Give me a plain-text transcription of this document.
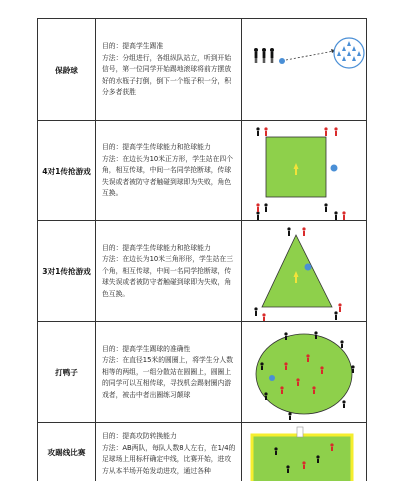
保龄球

目的：提高学生踢准

方法：分组进行，各组纵队站立，听到开始信号，第一位同学开始踢地滚球将前方摆放好的水瓶子打倒，倒下一个瓶子积一分，积分多者获胜

4对1传抢游戏

目的：提高学生传球能力和抢球能力

方法：在边长为10米正方形，学生站在四个角，相互传球，中间一名同学抢断球，传球失误或者被防守者触碰到球即为失败，角色互换。

3对1传抢游戏

目的：提高学生传球能力和抢球能力

方法：在边长为10米三角形形，学生站在三个角，相互传球，中间一名同学抢断球，传球失误或者被防守者触碰到球即为失败，角色互换。

打鸭子

目的：提高学生踢球的准确性

方法：在直径15米的圆圈上，将学生分人数相等的两组，一组分散站在圆圈上，圆圈上的同学可以互相传球，寻找机会踢射圈内游戏者，被击中者出圈练习颠球

攻踢线比赛

目的：提高攻防转换能力

方法：AB两队，每队人数8人左右，在1/4的足球场上用标杆确定中线，比赛开始，进攻方从本半场开始发动进攻，通过各种
